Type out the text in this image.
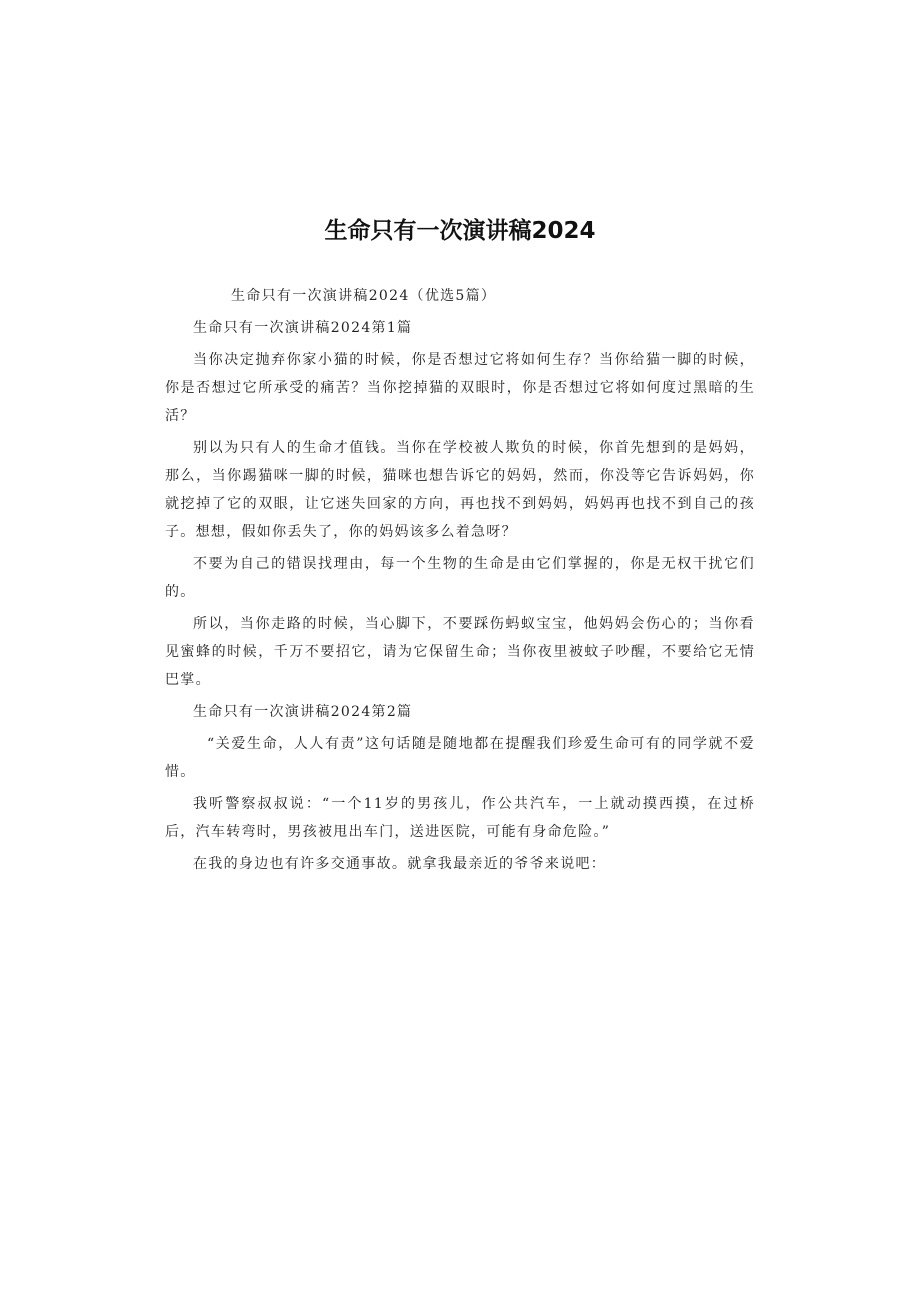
生命只有一次演讲稿2024

生命只有一次演讲稿2024（优选5篇）

生命只有一次演讲稿2024第1篇

当你决定抛弃你家小猫的时候，你是否想过它将如何生存？当你给猫一脚的时候，你是否想过它所承受的痛苦？当你挖掉猫的双眼时，你是否想过它将如何度过黑暗的生活？

别以为只有人的生命才值钱。当你在学校被人欺负的时候，你首先想到的是妈妈，那么，当你踢猫咪一脚的时候，猫咪也想告诉它的妈妈，然而，你没等它告诉妈妈，你就挖掉了它的双眼，让它迷失回家的方向，再也找不到妈妈，妈妈再也找不到自己的孩子。想想，假如你丢失了，你的妈妈该多么着急呀？

不要为自己的错误找理由，每一个生物的生命是由它们掌握的，你是无权干扰它们的。

所以，当你走路的时候，当心脚下，不要踩伤蚂蚁宝宝，他妈妈会伤心的；当你看见蜜蜂的时候，千万不要招它，请为它保留生命；当你夜里被蚊子吵醒，不要给它无情巴掌。

生命只有一次演讲稿2024第2篇

“关爱生命，人人有责”这句话随是随地都在提醒我们珍爱生命可有的同学就不爱惜。

我听警察叔叔说：“一个11岁的男孩儿，作公共汽车，一上就动摸西摸，在过桥后，汽车转弯时，男孩被甩出车门，送进医院，可能有身命危险。”

在我的身边也有许多交通事故。就拿我最亲近的爷爷来说吧：
